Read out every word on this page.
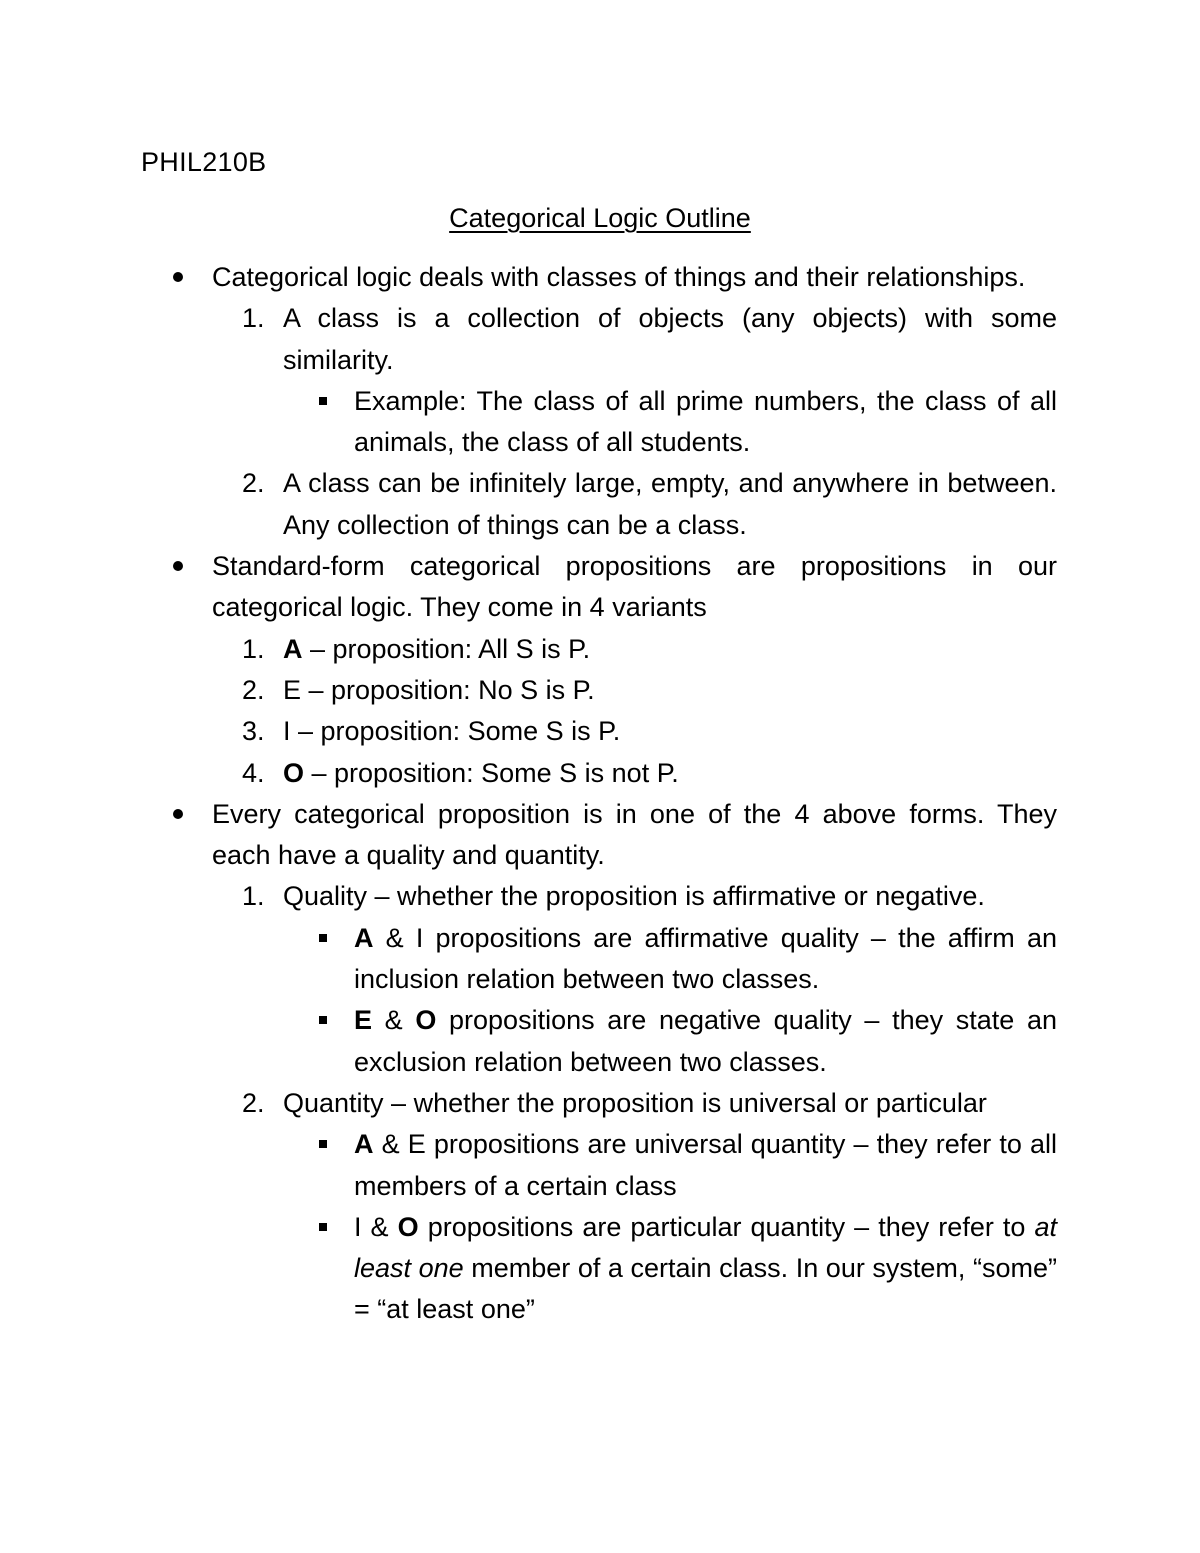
PHIL210B
Categorical Logic Outline
Categorical logic deals with classes of things and their relationships.
1. A class is a collection of objects (any objects) with some similarity.
Example: The class of all prime numbers, the class of all animals, the class of all students.
2. A class can be infinitely large, empty, and anywhere in between. Any collection of things can be a class.
Standard-form categorical propositions are propositions in our categorical logic. They come in 4 variants
1. A – proposition: All S is P.
2. E – proposition: No S is P.
3. I – proposition: Some S is P.
4. O – proposition: Some S is not P.
Every categorical proposition is in one of the 4 above forms. They each have a quality and quantity.
1. Quality – whether the proposition is affirmative or negative.
A & I propositions are affirmative quality – the affirm an inclusion relation between two classes.
E & O propositions are negative quality – they state an exclusion relation between two classes.
2. Quantity – whether the proposition is universal or particular
A & E propositions are universal quantity – they refer to all members of a certain class
I & O propositions are particular quantity – they refer to at least one member of a certain class. In our system, “some” = “at least one”
